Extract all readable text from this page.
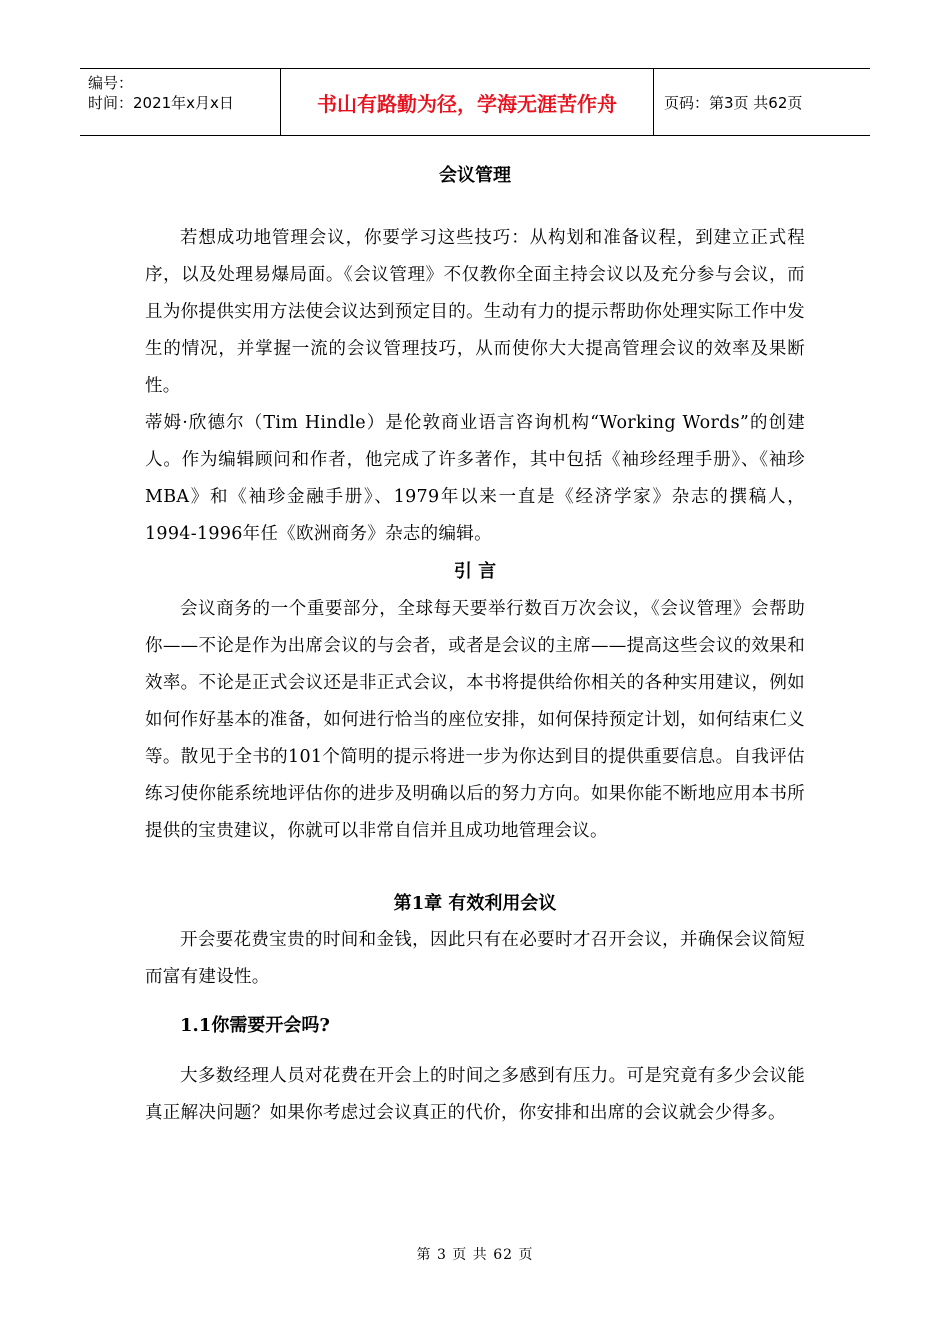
编号：
时间：2021年x月x日	书山有路勤为径，学海无涯苦作舟	页码：第3页 共62页
会议管理

若想成功地管理会议，你要学习这些技巧：从构划和准备议程，到建立正式程序，以及处理易爆局面。《会议管理》不仅教你全面主持会议以及充分参与会议，而且为你提供实用方法使会议达到预定目的。生动有力的提示帮助你处理实际工作中发生的情况，并掌握一流的会议管理技巧，从而使你大大提高管理会议的效率及果断性。

蒂姆·欣德尔（Tim Hindle）是伦敦商业语言咨询机构“Working Words”的创建人。作为编辑顾问和作者，他完成了许多著作，其中包括《袖珍经理手册》、《袖珍MBA》和《袖珍金融手册》、1979年以来一直是《经济学家》杂志的撰稿人，1994-1996年任《欧洲商务》杂志的编辑。

引 言

会议商务的一个重要部分，全球每天要举行数百万次会议，《会议管理》会帮助你——不论是作为出席会议的与会者，或者是会议的主席——提高这些会议的效果和效率。不论是正式会议还是非正式会议，本书将提供给你相关的各种实用建议，例如如何作好基本的准备，如何进行恰当的座位安排，如何保持预定计划，如何结束仁义等。散见于全书的101个简明的提示将进一步为你达到目的提供重要信息。自我评估练习使你能系统地评估你的进步及明确以后的努力方向。如果你能不断地应用本书所提供的宝贵建议，你就可以非常自信并且成功地管理会议。

第1章 有效利用会议

开会要花费宝贵的时间和金钱，因此只有在必要时才召开会议，并确保会议简短而富有建设性。

1.1你需要开会吗?

大多数经理人员对花费在开会上的时间之多感到有压力。可是究竟有多少会议能真正解决问题？如果你考虑过会议真正的代价，你安排和出席的会议就会少得多。

第 3 页 共 62 页
